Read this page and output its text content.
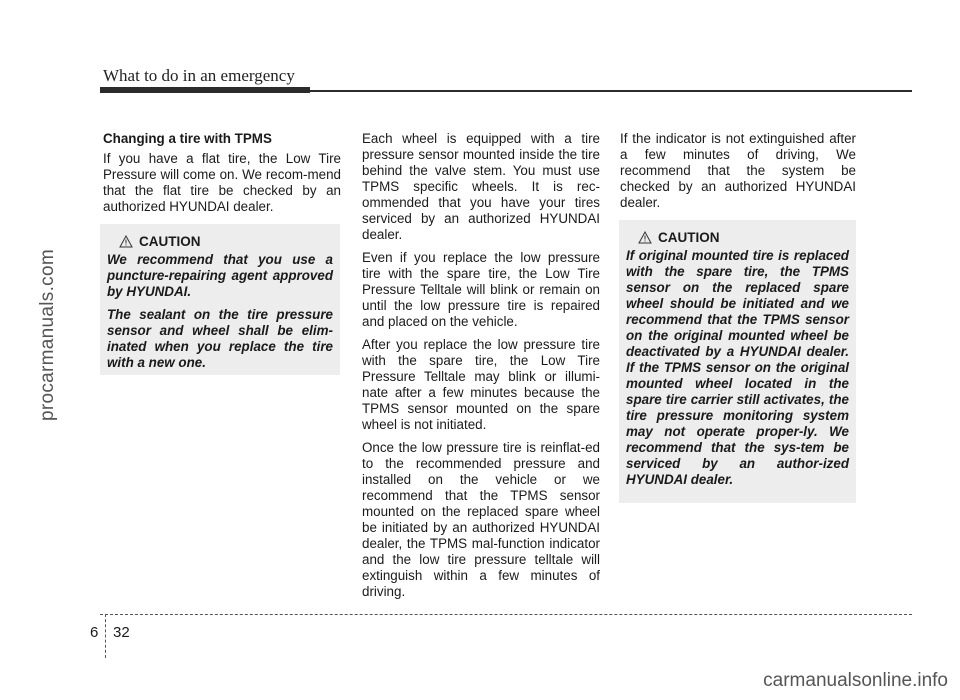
What to do in an emergency
procarmanuals.com

Changing a tire with TPMS

If you have a flat tire, the Low Tire Pressure will come on. We recom-mend that the flat tire be checked by an authorized HYUNDAI dealer.

CAUTION

We recommend that you use a puncture-repairing agent approved by HYUNDAI.

The sealant on the tire pressure sensor and wheel shall be elim-inated when you replace the tire with a new one.

Each wheel is equipped with a tire pressure sensor mounted inside the tire behind the valve stem. You must use TPMS specific wheels. It is rec-ommended that you have your tires serviced by an authorized HYUNDAI dealer.

Even if you replace the low pressure tire with the spare tire, the Low Tire Pressure Telltale will blink or remain on until the low pressure tire is repaired and placed on the vehicle.

After you replace the low pressure tire with the spare tire, the Low Tire Pressure Telltale may blink or illumi-nate after a few minutes because the TPMS sensor mounted on the spare wheel is not initiated.

Once the low pressure tire is reinflat-ed to the recommended pressure and installed on the vehicle or we recommend that the TPMS sensor mounted on the replaced spare wheel be initiated by an authorized HYUNDAI dealer, the TPMS mal-function indicator and the low tire pressure telltale will extinguish within a few minutes of driving.

If the indicator is not extinguished after a few minutes of driving, We recommend that the system be checked by an authorized HYUNDAI dealer.

CAUTION

If original mounted tire is replaced with the spare tire, the TPMS sensor on the replaced spare wheel should be initiated and we recommend that the TPMS sensor on the original mounted wheel be deactivated by a HYUNDAI dealer. If the TPMS sensor on the original mounted wheel located in the spare tire carrier still activates, the tire pressure monitoring system may not operate proper-ly. We recommend that the sys-tem be serviced by an author-ized HYUNDAI dealer.

6 32
carmanualsonline.info
